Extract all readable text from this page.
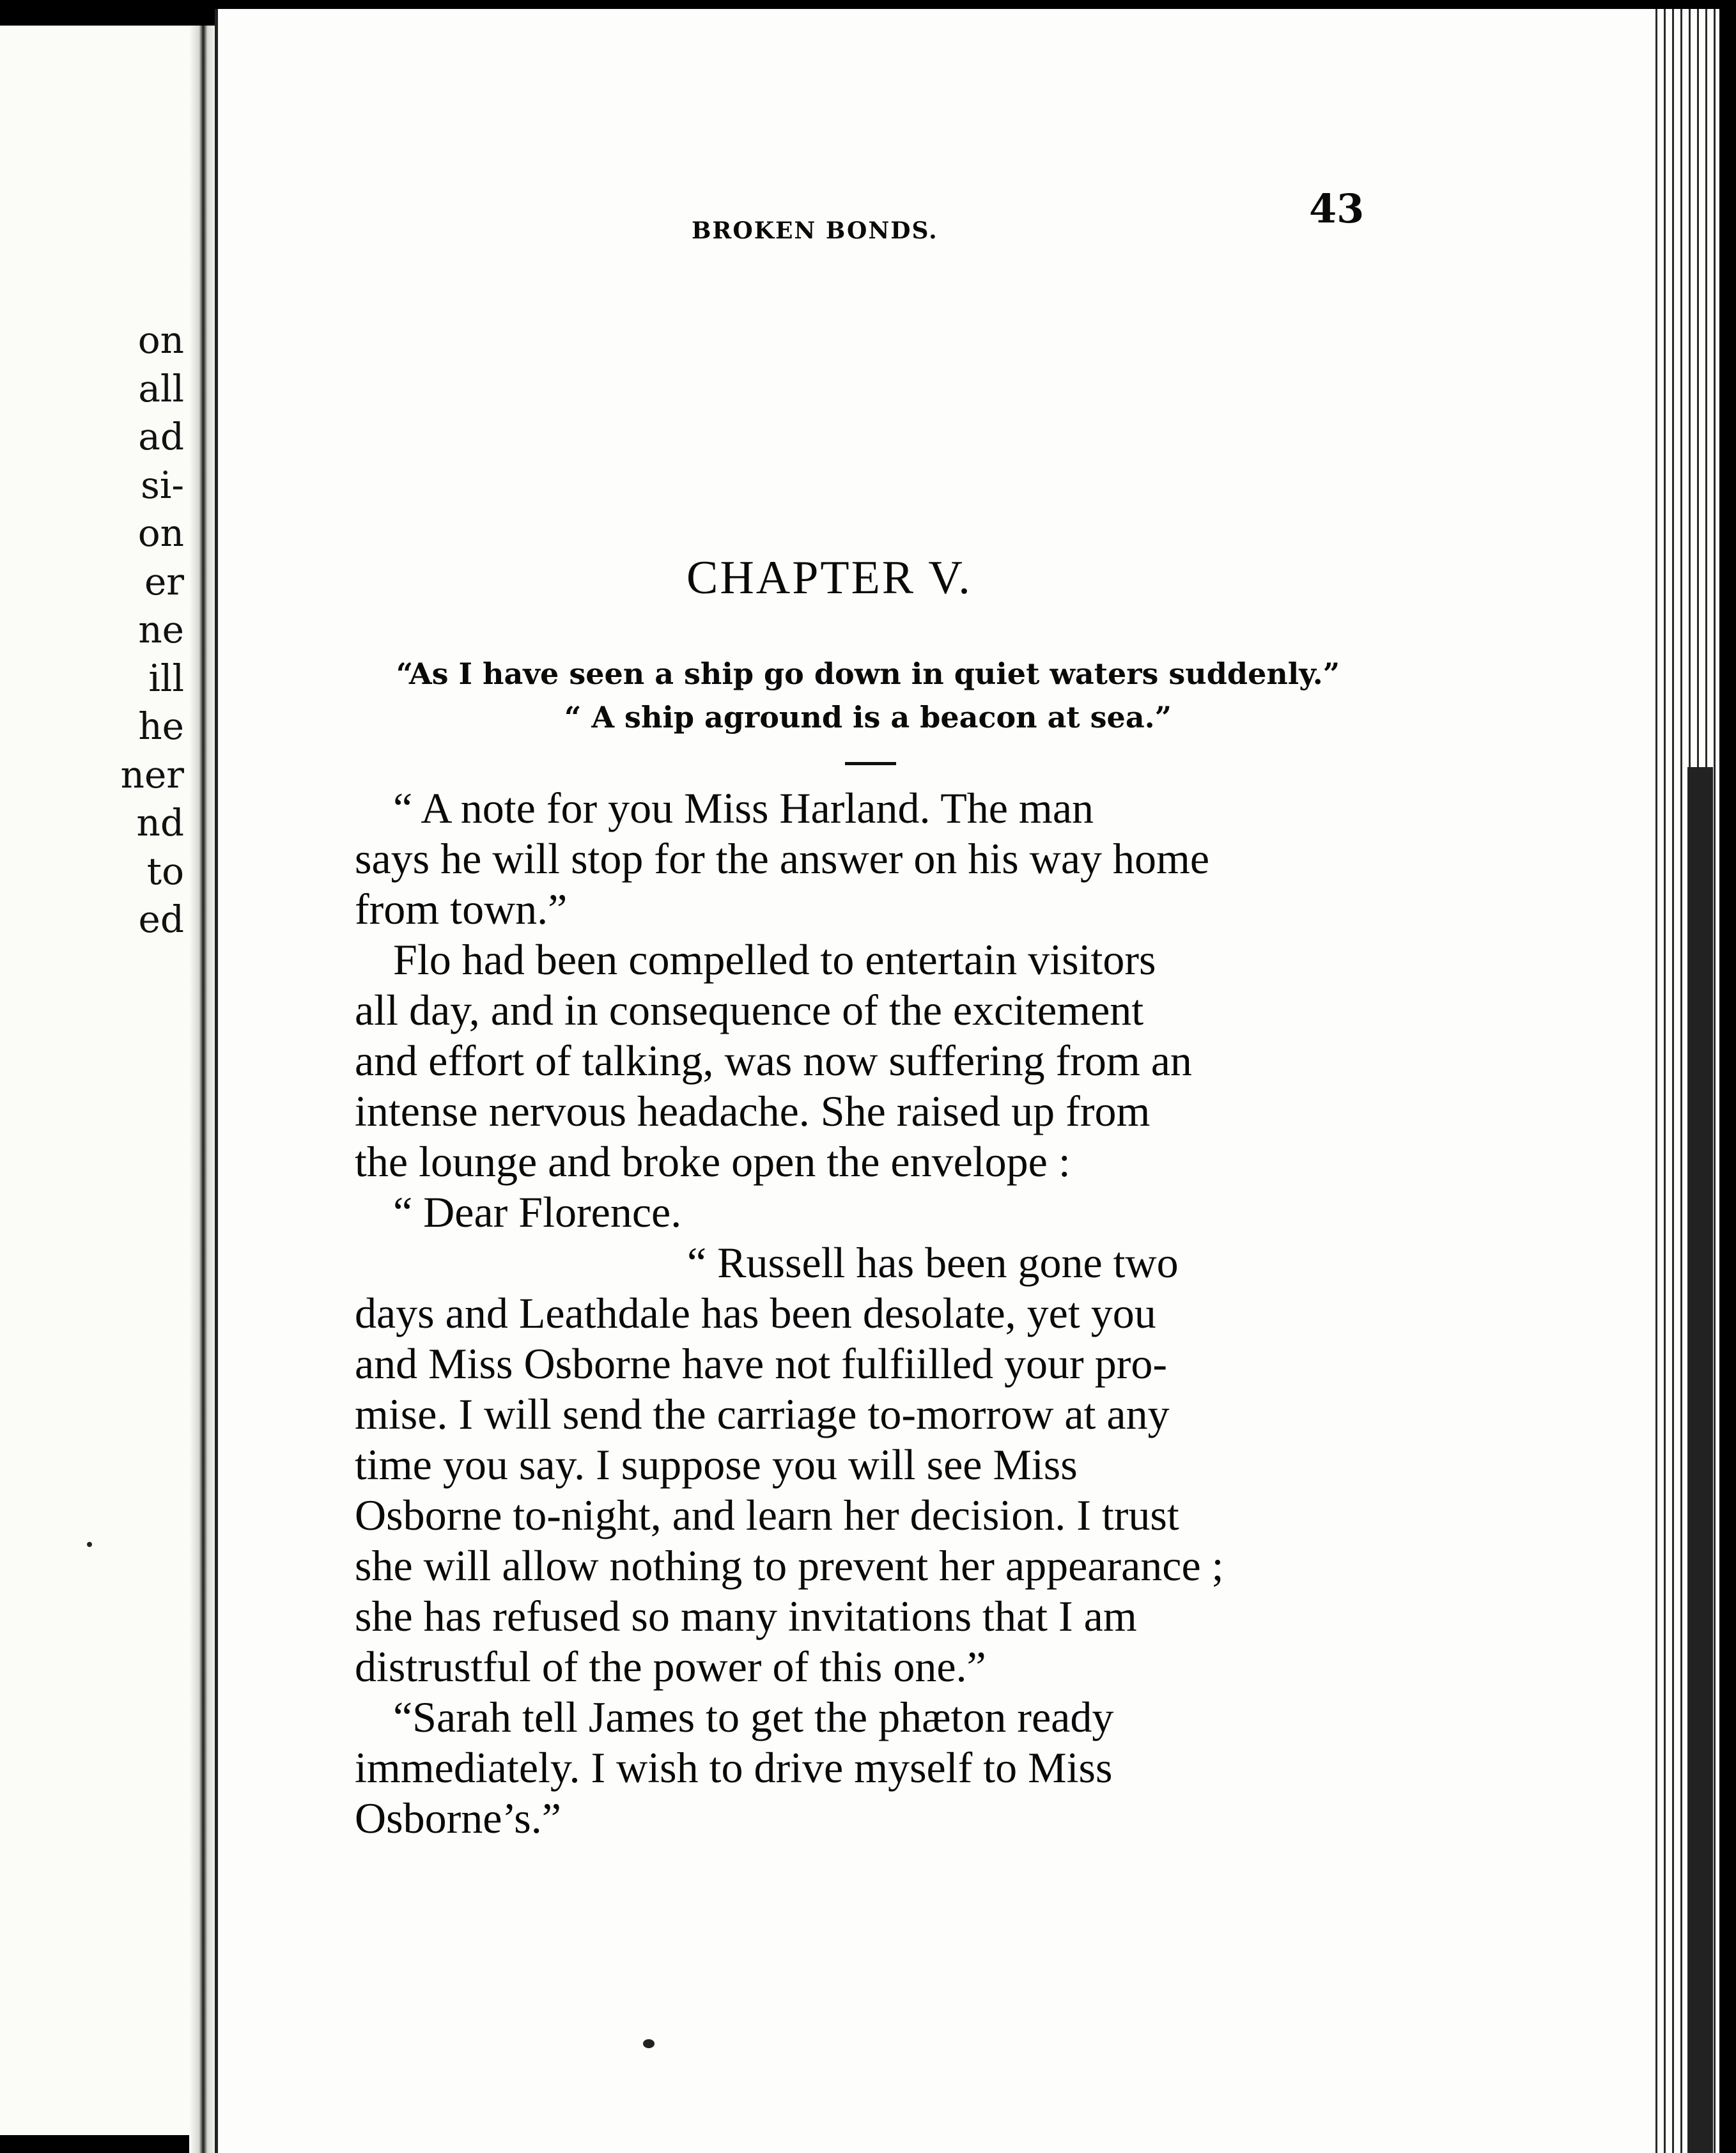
on
all
ad
si-
on
er
ne
ill
he
ner
nd
to
ed
BROKEN BONDS.	43
CHAPTER V.
“As I have seen a ship go down in quiet waters suddenly.”
“ A ship aground is a beacon at sea.”
“ A note for you Miss Harland. The man
says he will stop for the answer on his way home
from town.”
Flo had been compelled to entertain visitors
all day, and in consequence of the excitement
and effort of talking, was now suffering from an
intense nervous headache. She raised up from
the lounge and broke open the envelope :
“ Dear Florence.
“ Russell has been gone two
days and Leathdale has been desolate, yet you
and Miss Osborne have not fulfiilled your pro-
mise. I will send the carriage to-morrow at any
time you say. I suppose you will see Miss
Osborne to-night, and learn her decision. I trust
she will allow nothing to prevent her appearance ;
she has refused so many invitations that I am
distrustful of the power of this one.”
“Sarah tell James to get the phæton ready
immediately. I wish to drive myself to Miss
Osborne’s.”
